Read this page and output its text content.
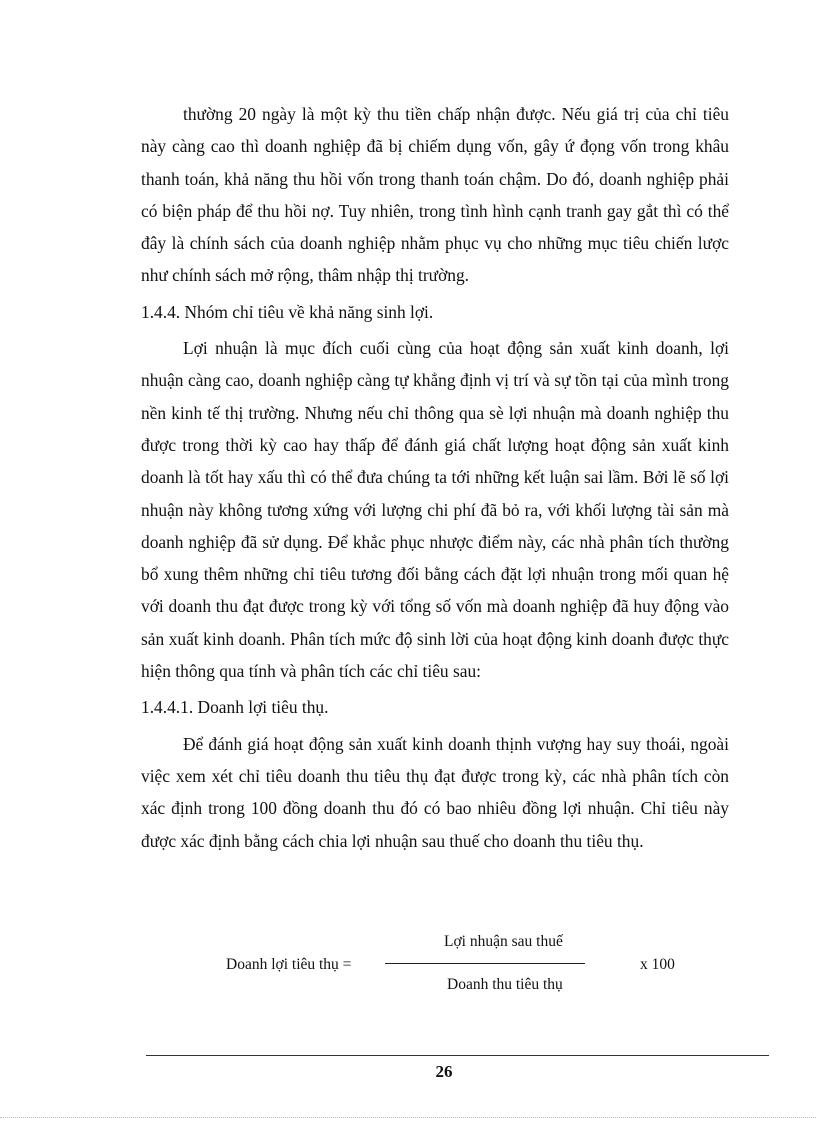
thường 20 ngày là một kỳ thu tiền chấp nhận được. Nếu giá trị của chỉ tiêu này càng cao thì doanh nghiệp đã bị chiếm dụng vốn, gây ứ đọng vốn trong khâu thanh toán, khả năng thu hồi vốn trong thanh toán chậm. Do đó, doanh nghiệp phải có biện pháp để thu hồi nợ. Tuy nhiên, trong tình hình cạnh tranh gay gắt thì có thể đây là chính sách của doanh nghiệp nhằm phục vụ cho những mục tiêu chiến lược như chính sách mở rộng, thâm nhập thị trường.

1.4.4. Nhóm chỉ tiêu về khả năng sinh lợi.

Lợi nhuận là mục đích cuối cùng của hoạt động sản xuất kinh doanh, lợi nhuận càng cao, doanh nghiệp càng tự khẳng định vị trí và sự tồn tại của mình trong nền kinh tế thị trường. Nhưng nếu chỉ thông qua sè lợi nhuận mà doanh nghiệp thu được trong thời kỳ cao hay thấp để đánh giá chất lượng hoạt động sản xuất kinh doanh là tốt hay xấu thì có thể đưa chúng ta tới những kết luận sai lầm. Bởi lẽ số lợi nhuận này không tương xứng với lượng chi phí đã bỏ ra, với khối lượng tài sản mà doanh nghiệp đã sử dụng. Để khắc phục nhược điểm này, các nhà phân tích thường bổ xung thêm những chỉ tiêu tương đối bằng cách đặt lợi nhuận trong mối quan hệ với doanh thu đạt được trong kỳ với tổng số vốn mà doanh nghiệp đã huy động vào sản xuất kinh doanh. Phân tích mức độ sinh lời của hoạt động kinh doanh được thực hiện thông qua tính và phân tích các chỉ tiêu sau:

1.4.4.1. Doanh lợi tiêu thụ.

Để đánh giá hoạt động sản xuất kinh doanh thịnh vượng hay suy thoái, ngoài việc xem xét chỉ tiêu doanh thu tiêu thụ đạt được trong kỳ, các nhà phân tích còn xác định trong 100 đồng doanh thu đó có bao nhiêu đồng lợi nhuận. Chỉ tiêu này được xác định bằng cách chia lợi nhuận sau thuế cho doanh thu tiêu thụ.

Doanh lợi tiêu thụ =
Lợi nhuận sau thuế
Doanh thu tiêu thụ
x 100
26
